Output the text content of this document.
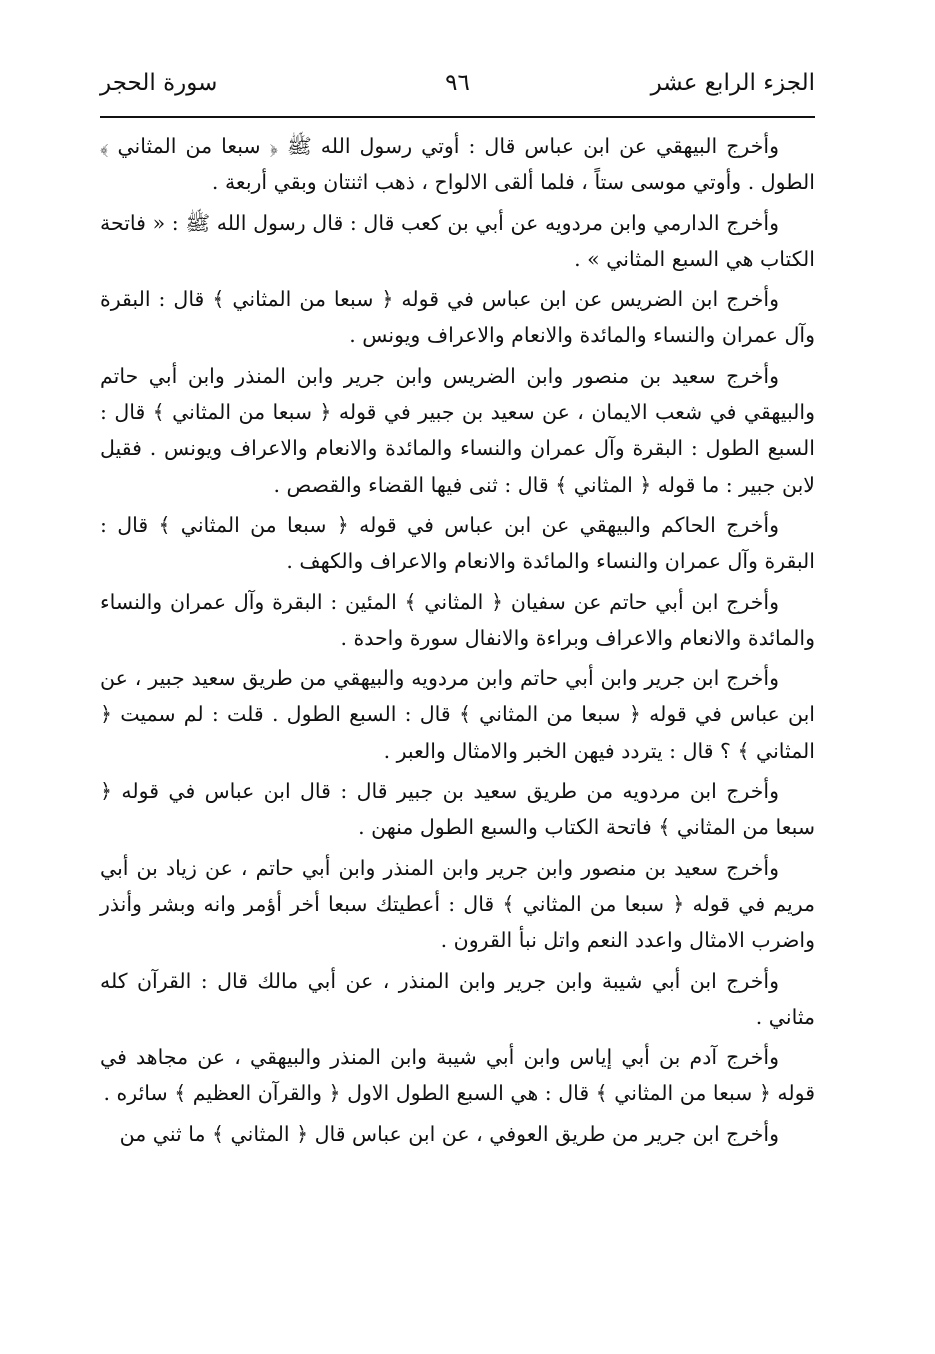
الجزء الرابع عشر
٩٦
سورة الحجر

وأخرج البيهقي عن ابن عباس قال : أوتي رسول الله ﷺ ﴿ سبعا من المثاني ﴾ الطول . وأوتي موسى ستاً ، فلما ألقى الالواح ، ذهب اثنتان وبقي أربعة .

وأخرج الدارمي وابن مردويه عن أبي بن كعب قال : قال رسول الله ﷺ : « فاتحة الكتاب هي السبع المثاني » .

وأخرج ابن الضريس عن ابن عباس في قوله ﴿ سبعا من المثاني ﴾ قال : البقرة وآل عمران والنساء والمائدة والانعام والاعراف ويونس .

وأخرج سعيد بن منصور وابن الضريس وابن جرير وابن المنذر وابن أبي حاتم والبيهقي في شعب الايمان ، عن سعيد بن جبير في قوله ﴿ سبعا من المثاني ﴾ قال : السبع الطول : البقرة وآل عمران والنساء والمائدة والانعام والاعراف ويونس . فقيل لابن جبير : ما قوله ﴿ المثاني ﴾ قال : ثنى فيها القضاء والقصص .

وأخرج الحاكم والبيهقي عن ابن عباس في قوله ﴿ سبعا من المثاني ﴾ قال : البقرة وآل عمران والنساء والمائدة والانعام والاعراف والكهف .

وأخرج ابن أبي حاتم عن سفيان ﴿ المثاني ﴾ المئين : البقرة وآل عمران والنساء والمائدة والانعام والاعراف وبراءة والانفال سورة واحدة .

وأخرج ابن جرير وابن أبي حاتم وابن مردويه والبيهقي من طريق سعيد جبير ، عن ابن عباس في قوله ﴿ سبعا من المثاني ﴾ قال : السبع الطول . قلت : لم سميت ﴿ المثاني ﴾ ؟ قال : يتردد فيهن الخبر والامثال والعبر .

وأخرج ابن مردويه من طريق سعيد بن جبير قال : قال ابن عباس في قوله ﴿ سبعا من المثاني ﴾ فاتحة الكتاب والسبع الطول منهن .

وأخرج سعيد بن منصور وابن جرير وابن المنذر وابن أبي حاتم ، عن زياد بن أبي مريم في قوله ﴿ سبعا من المثاني ﴾ قال : أعطيتك سبعا أخر أؤمر وانه وبشر وأنذر واضرب الامثال واعدد النعم واتل نبأ القرون .

وأخرج ابن أبي شيبة وابن جرير وابن المنذر ، عن أبي مالك قال : القرآن كله مثاني .

وأخرج آدم بن أبي إياس وابن أبي شيبة وابن المنذر والبيهقي ، عن مجاهد في قوله ﴿ سبعا من المثاني ﴾ قال : هي السبع الطول الاول ﴿ والقرآن العظيم ﴾ سائره .

وأخرج ابن جرير من طريق العوفي ، عن ابن عباس قال ﴿ المثاني ﴾ ما ثني من
